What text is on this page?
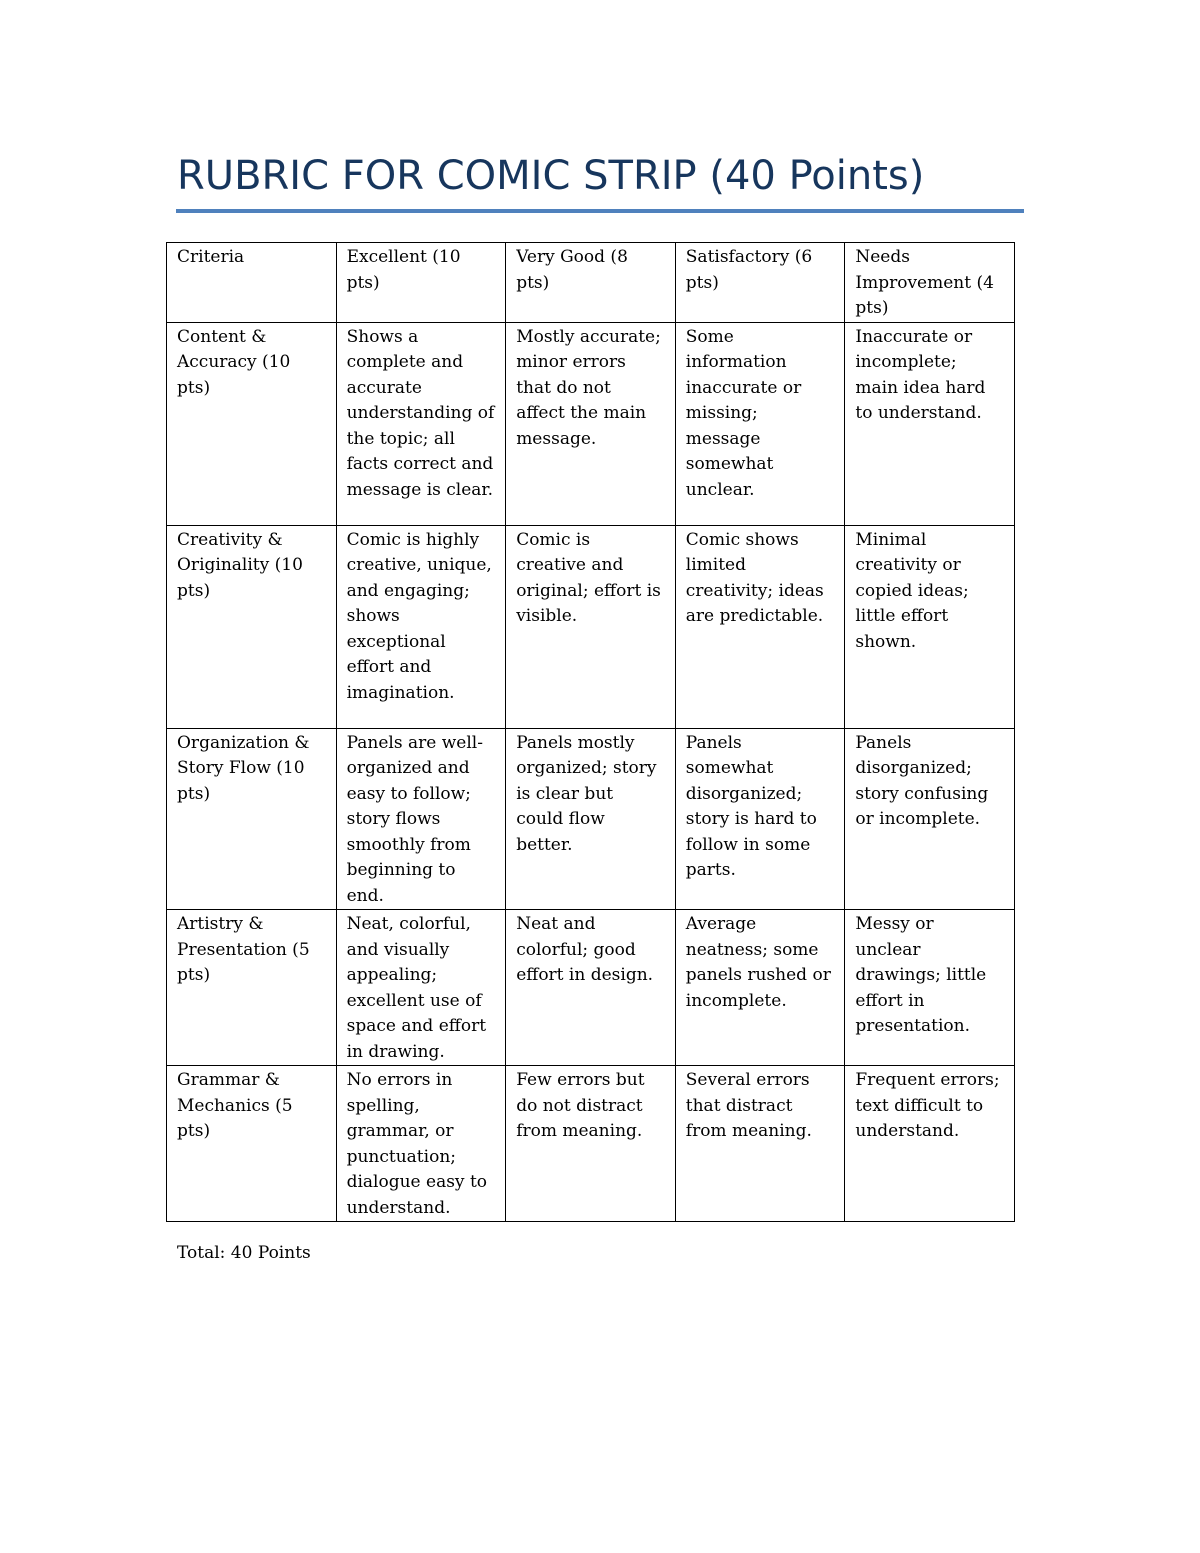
RUBRIC FOR COMIC STRIP (40 Points)
Criteria	Excellent (10 pts)	Very Good (8 pts)	Satisfactory (6 pts)	Needs Improvement (4 pts)
Content & Accuracy (10 pts)	Shows a complete and accurate understanding of the topic; all facts correct and message is clear.	Mostly accurate; minor errors that do not affect the main message.	Some information inaccurate or missing; message somewhat unclear.	Inaccurate or incomplete; main idea hard to understand.
Creativity & Originality (10 pts)	Comic is highly creative, unique, and engaging; shows exceptional effort and imagination.	Comic is creative and original; effort is visible.	Comic shows limited creativity; ideas are predictable.	Minimal creativity or copied ideas; little effort shown.
Organization & Story Flow (10 pts)	Panels are well-organized and easy to follow; story flows smoothly from beginning to end.	Panels mostly organized; story is clear but could flow better.	Panels somewhat disorganized; story is hard to follow in some parts.	Panels disorganized; story confusing or incomplete.
Artistry & Presentation (5 pts)	Neat, colorful, and visually appealing; excellent use of space and effort in drawing.	Neat and colorful; good effort in design.	Average neatness; some panels rushed or incomplete.	Messy or unclear drawings; little effort in presentation.
Grammar & Mechanics (5 pts)	No errors in spelling, grammar, or punctuation; dialogue easy to understand.	Few errors but do not distract from meaning.	Several errors that distract from meaning.	Frequent errors; text difficult to understand.

Total: 40 Points
